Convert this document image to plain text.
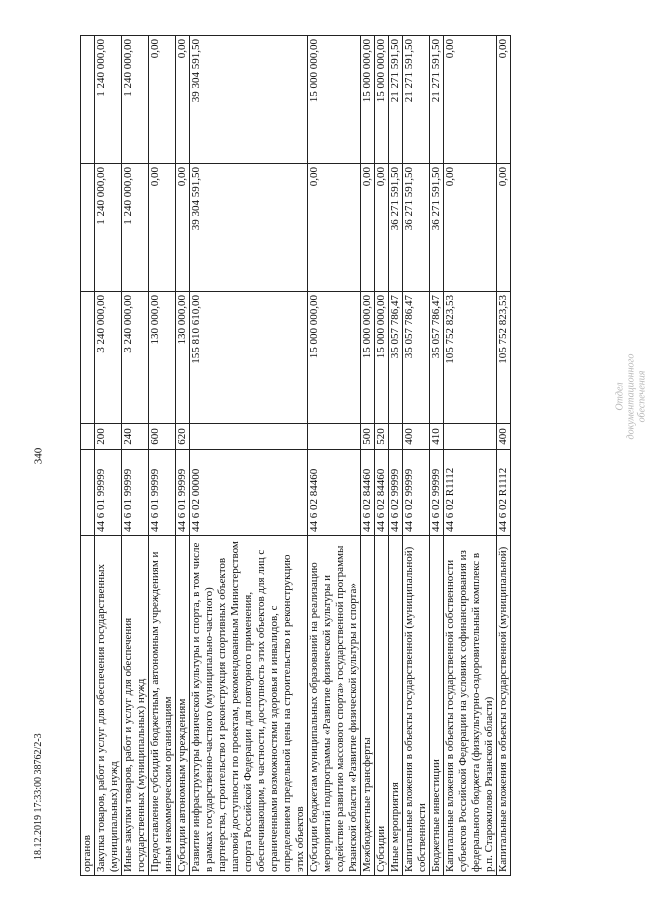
340
18.12.2019 17:33:00 38762/2-3
Отдел документационного обеспечения
органов					
Закупка товаров, работ и услуг для обеспечения государственных (муниципальных) нужд	44 6 01 99999	200	3 240 000,00	1 240 000,00	1 240 000,00
Иные закупки товаров, работ и услуг для обеспечения государственных (муниципальных) нужд	44 6 01 99999	240	3 240 000,00	1 240 000,00	1 240 000,00
Предоставление субсидий бюджетным, автономным учреждениям и иным некоммерческим организациям	44 6 01 99999	600	130 000,00	0,00	0,00
Субсидии автономным учреждениям	44 6 01 99999	620	130 000,00	0,00	0,00
Развитие инфраструктуры физической культуры и спорта, в том числе в рамках государственно-частного (муниципально-частного) партнерства, строительство и реконструкция спортивных объектов шаговой доступности по проектам, рекомендованным Министерством спорта Российской Федерации для повторного применения, обеспечивающим, в частности, доступность этих объектов для лиц с ограниченными возможностями здоровья и инвалидов, с определением предельной цены на строительство и реконструкцию этих объектов	44 6 02 00000		155 810 610,00	39 304 591,50	39 304 591,50
Субсидии бюджетам муниципальных образований на реализацию мероприятий подпрограммы «Развитие физической культуры и содействие развитию массового спорта» государственной программы Рязанской области «Развитие физической культуры и спорта»	44 6 02 84460		15 000 000,00	0,00	15 000 000,00
Межбюджетные трансферты	44 6 02 84460	500	15 000 000,00	0,00	15 000 000,00
Субсидии	44 6 02 84460	520	15 000 000,00	0,00	15 000 000,00
Иные мероприятия	44 6 02 99999		35 057 786,47	36 271 591,50	21 271 591,50
Капитальные вложения в объекты государственной (муниципальной) собственности	44 6 02 99999	400	35 057 786,47	36 271 591,50	21 271 591,50
Бюджетные инвестиции	44 6 02 99999	410	35 057 786,47	36 271 591,50	21 271 591,50
Капитальные вложения в объекты государственной собственности субъектов Российской Федерации на условиях софинансирования из федерального бюджета (физкультурно-оздоровительный комплекс в р.п. Старожилово Рязанской области)	44 6 02 R1112		105 752 823,53	0,00	0,00
Капитальные вложения в объекты государственной (муниципальной)	44 6 02 R1112	400	105 752 823,53	0,00	0,00
